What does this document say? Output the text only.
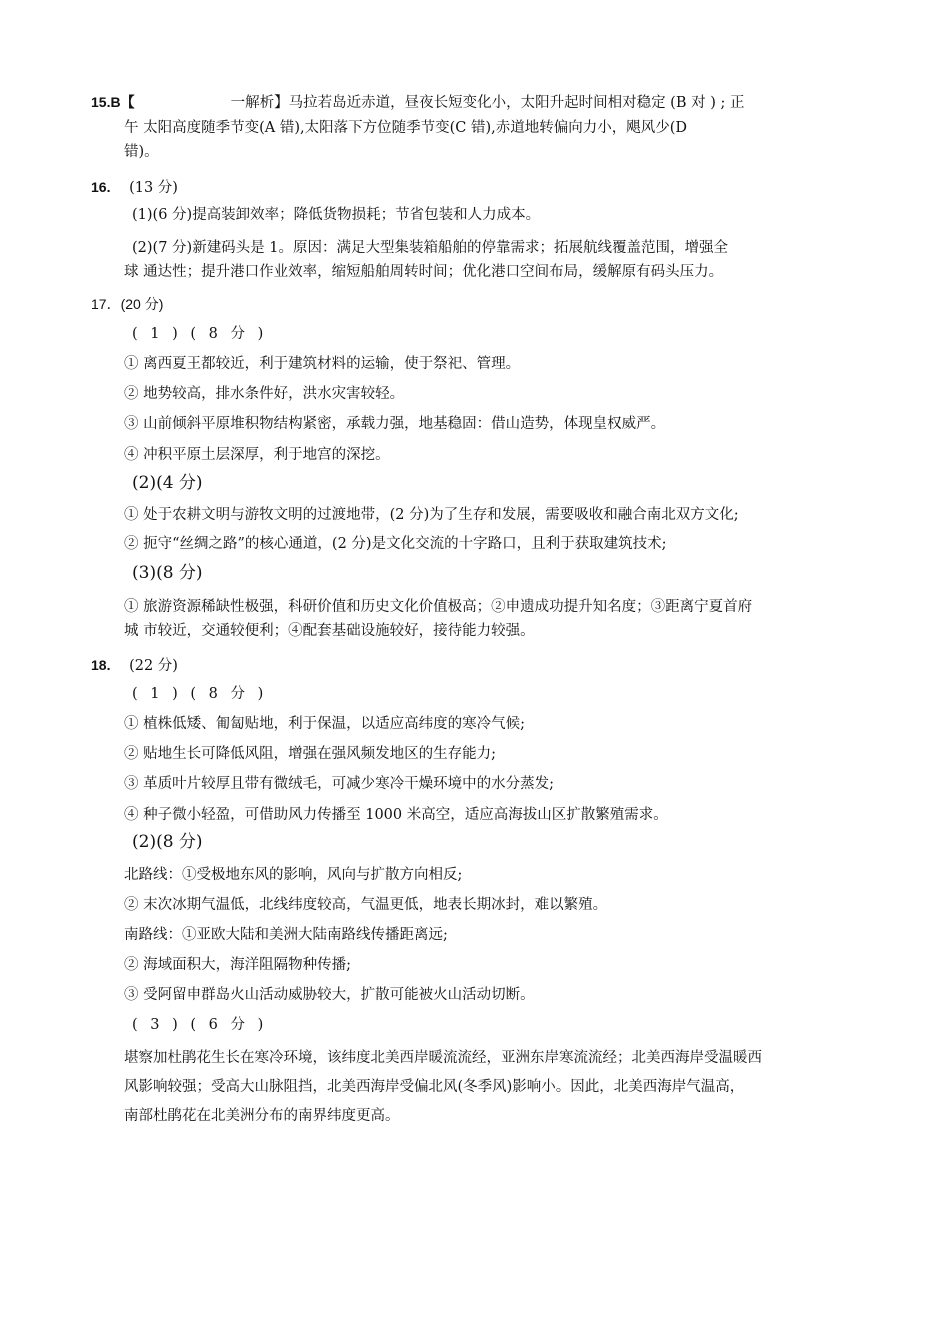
15.B【	一解析】马拉若岛近赤道，昼夜长短变化小，太阳升起时间相对稳定 (B 对 ) ; 正
午 太阳高度随季节变(A 错),太阳落下方位随季节变(C 错),赤道地转偏向力小，飓风少(D
错)。
16. (13 分)
(1)(6 分)提高装卸效率；降低货物损耗；节省包装和人力成本。
(2)(7 分)新建码头是 1。原因：满足大型集装箱船舶的停靠需求；拓展航线覆盖范围，增强全
球 通达性；提升港口作业效率，缩短船舶周转时间；优化港口空间布局，缓解原有码头压力。
17．(20 分)
( 1 ) ( 8 分 )
① 离西夏王都较近，利于建筑材料的运输，使于祭祀、管理。
② 地势较高，排水条件好，洪水灾害较轻。
③ 山前倾斜平原堆积物结构紧密，承载力强，地基稳固：借山造势，体现皇权威严。
④ 冲积平原土层深厚，利于地宫的深挖。
(2)(4 分)
① 处于农耕文明与游牧文明的过渡地带，(2 分)为了生存和发展，需要吸收和融合南北双方文化;
② 扼守“丝绸之路”的核心通道，(2 分)是文化交流的十字路口，且利于获取建筑技术;
(3)(8 分)
① 旅游资源稀缺性极强，科研价值和历史文化价值极高；②申遗成功提升知名度；③距离宁夏首府
城 市较近，交通较便利；④配套基础设施较好，接待能力较强。
18. (22 分)
( 1 ) ( 8 分 )
① 植株低矮、匍匐贴地，利于保温，以适应高纬度的寒冷气候;
② 贴地生长可降低风阻，增强在强风频发地区的生存能力;
③ 革质叶片较厚且带有微绒毛，可减少寒冷干燥环境中的水分蒸发;
④ 种子微小轻盈，可借助风力传播至 1000 米高空，适应高海拔山区扩散繁殖需求。
(2)(8 分)
北路线：①受极地东风的影响，风向与扩散方向相反;
② 末次冰期气温低，北线纬度较高，气温更低，地表长期冰封，难以繁殖。
南路线：①亚欧大陆和美洲大陆南路线传播距离远;
② 海域面积大，海洋阻隔物种传播;
③ 受阿留申群岛火山活动威胁较大，扩散可能被火山活动切断。
( 3 ) ( 6 分 )
堪察加杜鹃花生长在寒冷环境，该纬度北美西岸暖流流经，亚洲东岸寒流流经；北美西海岸受温暖西
风影响较强；受高大山脉阻挡，北美西海岸受偏北风(冬季风)影响小。因此，北美西海岸气温高，
南部杜鹃花在北美洲分布的南界纬度更高。
